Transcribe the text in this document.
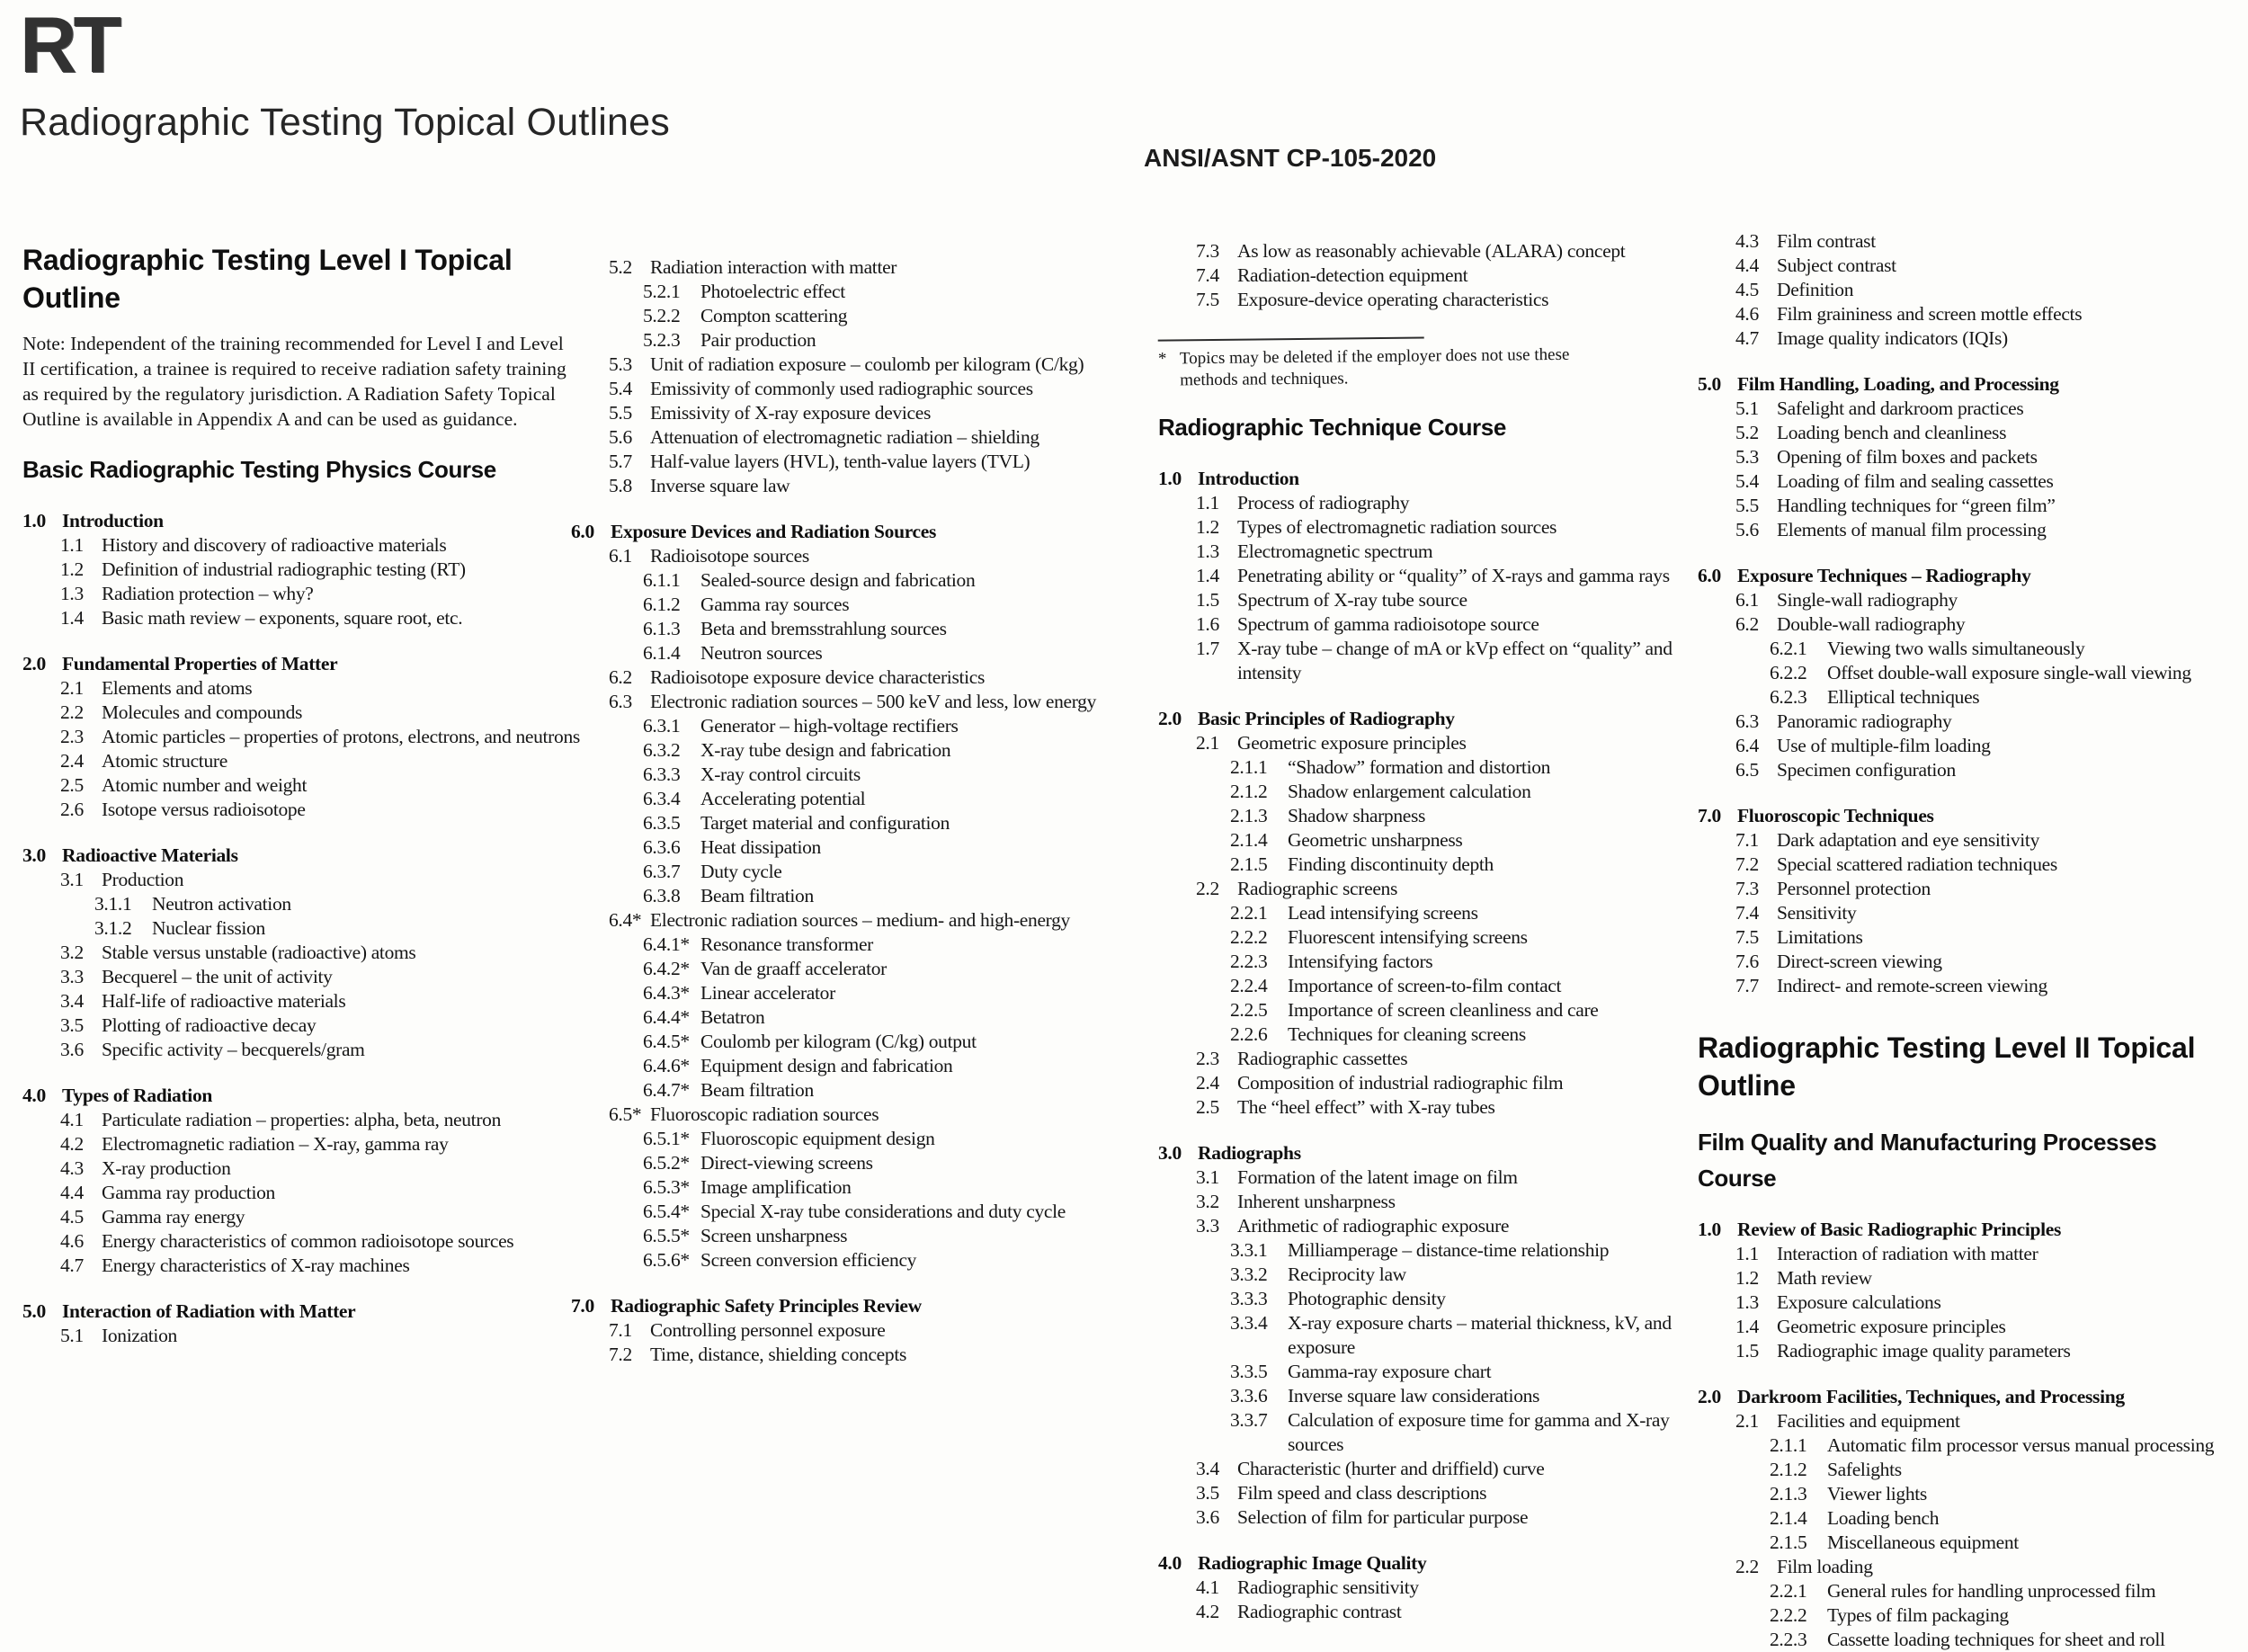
RT
Radiographic Testing Topical Outlines
ANSI/ASNT CP-105-2020
Radiographic Testing Level I Topical Outline
Note: Independent of the training recommended for Level I and Level II certification, a trainee is required to receive radiation safety training as required by the regulatory jurisdiction. A Radiation Safety Topical Outline is available in Appendix A and can be used as guidance.
Basic Radiographic Testing Physics Course
1.0 Introduction
1.1 History and discovery of radioactive materials
1.2 Definition of industrial radiographic testing (RT)
1.3 Radiation protection – why?
1.4 Basic math review – exponents, square root, etc.
2.0 Fundamental Properties of Matter
2.1 Elements and atoms
2.2 Molecules and compounds
2.3 Atomic particles – properties of protons, electrons, and neutrons
2.4 Atomic structure
2.5 Atomic number and weight
2.6 Isotope versus radioisotope
3.0 Radioactive Materials
3.1 Production
3.1.1	Neutron activation
3.1.2	Nuclear fission
3.2 Stable versus unstable (radioactive) atoms
3.3 Becquerel – the unit of activity
3.4 Half-life of radioactive materials
3.5 Plotting of radioactive decay
3.6 Specific activity – becquerels/gram
4.0 Types of Radiation
4.1 Particulate radiation – properties: alpha, beta, neutron
4.2 Electromagnetic radiation – X-ray, gamma ray
4.3 X-ray production
4.4 Gamma ray production
4.5 Gamma ray energy
4.6 Energy characteristics of common radioisotope sources
4.7 Energy characteristics of X-ray machines
5.0 Interaction of Radiation with Matter
5.1 Ionization
5.2 Radiation interaction with matter
5.2.1	Photoelectric effect
5.2.2	Compton scattering
5.2.3	Pair production
5.3 Unit of radiation exposure – coulomb per kilogram (C/kg)
5.4 Emissivity of commonly used radiographic sources
5.5 Emissivity of X-ray exposure devices
5.6 Attenuation of electromagnetic radiation – shielding
5.7 Half-value layers (HVL), tenth-value layers (TVL)
5.8 Inverse square law
6.0 Exposure Devices and Radiation Sources
6.1 Radioisotope sources
6.1.1	Sealed-source design and fabrication
6.1.2	Gamma ray sources
6.1.3	Beta and bremsstrahlung sources
6.1.4	Neutron sources
6.2 Radioisotope exposure device characteristics
6.3 Electronic radiation sources – 500 keV and less, low energy
6.3.1	Generator – high-voltage rectifiers
6.3.2	X-ray tube design and fabrication
6.3.3	X-ray control circuits
6.3.4	Accelerating potential
6.3.5	Target material and configuration
6.3.6	Heat dissipation
6.3.7	Duty cycle
6.3.8	Beam filtration
6.4* Electronic radiation sources – medium- and high-energy
6.4.1* Resonance transformer
6.4.2* Van de graaff accelerator
6.4.3* Linear accelerator
6.4.4* Betatron
6.4.5* Coulomb per kilogram (C/kg) output
6.4.6* Equipment design and fabrication
6.4.7* Beam filtration
6.5* Fluoroscopic radiation sources
6.5.1* Fluoroscopic equipment design
6.5.2* Direct-viewing screens
6.5.3* Image amplification
6.5.4* Special X-ray tube considerations and duty cycle
6.5.5* Screen unsharpness
6.5.6* Screen conversion efficiency
7.0 Radiographic Safety Principles Review
7.1 Controlling personnel exposure
7.2 Time, distance, shielding concepts
7.3 As low as reasonably achievable (ALARA) concept
7.4 Radiation-detection equipment
7.5 Exposure-device operating characteristics
* Topics may be deleted if the employer does not use these methods and techniques.
Radiographic Technique Course
1.0 Introduction
1.1 Process of radiography
1.2 Types of electromagnetic radiation sources
1.3 Electromagnetic spectrum
1.4 Penetrating ability or “quality” of X-rays and gamma rays
1.5 Spectrum of X-ray tube source
1.6 Spectrum of gamma radioisotope source
1.7 X-ray tube – change of mA or kVp effect on “quality” and intensity
2.0 Basic Principles of Radiography
2.1 Geometric exposure principles
2.1.1	“Shadow” formation and distortion
2.1.2	Shadow enlargement calculation
2.1.3	Shadow sharpness
2.1.4	Geometric unsharpness
2.1.5	Finding discontinuity depth
2.2 Radiographic screens
2.2.1	Lead intensifying screens
2.2.2	Fluorescent intensifying screens
2.2.3	Intensifying factors
2.2.4	Importance of screen-to-film contact
2.2.5	Importance of screen cleanliness and care
2.2.6	Techniques for cleaning screens
2.3 Radiographic cassettes
2.4 Composition of industrial radiographic film
2.5 The “heel effect” with X-ray tubes
3.0 Radiographs
3.1 Formation of the latent image on film
3.2 Inherent unsharpness
3.3 Arithmetic of radiographic exposure
3.3.1	Milliamperage – distance-time relationship
3.3.2	Reciprocity law
3.3.3	Photographic density
3.3.4	X-ray exposure charts – material thickness, kV, and exposure
3.3.5	Gamma-ray exposure chart
3.3.6	Inverse square law considerations
3.3.7	Calculation of exposure time for gamma and X-ray sources
3.4 Characteristic (hurter and driffield) curve
3.5 Film speed and class descriptions
3.6 Selection of film for particular purpose
4.0 Radiographic Image Quality
4.1 Radiographic sensitivity
4.2 Radiographic contrast
4.3 Film contrast
4.4 Subject contrast
4.5 Definition
4.6 Film graininess and screen mottle effects
4.7 Image quality indicators (IQIs)
5.0 Film Handling, Loading, and Processing
5.1 Safelight and darkroom practices
5.2 Loading bench and cleanliness
5.3 Opening of film boxes and packets
5.4 Loading of film and sealing cassettes
5.5 Handling techniques for “green film”
5.6 Elements of manual film processing
6.0 Exposure Techniques – Radiography
6.1 Single-wall radiography
6.2 Double-wall radiography
6.2.1	Viewing two walls simultaneously
6.2.2	Offset double-wall exposure single-wall viewing
6.2.3	Elliptical techniques
6.3 Panoramic radiography
6.4 Use of multiple-film loading
6.5 Specimen configuration
7.0 Fluoroscopic Techniques
7.1 Dark adaptation and eye sensitivity
7.2 Special scattered radiation techniques
7.3 Personnel protection
7.4 Sensitivity
7.5 Limitations
7.6 Direct-screen viewing
7.7 Indirect- and remote-screen viewing
Radiographic Testing Level II Topical Outline
Film Quality and Manufacturing Processes Course
1.0 Review of Basic Radiographic Principles
1.1 Interaction of radiation with matter
1.2 Math review
1.3 Exposure calculations
1.4 Geometric exposure principles
1.5 Radiographic image quality parameters
2.0 Darkroom Facilities, Techniques, and Processing
2.1 Facilities and equipment
2.1.1	Automatic film processor versus manual processing
2.1.2	Safelights
2.1.3	Viewer lights
2.1.4	Loading bench
2.1.5	Miscellaneous equipment
2.2 Film loading
2.2.1	General rules for handling unprocessed film
2.2.2	Types of film packaging
2.2.3	Cassette loading techniques for sheet and roll
